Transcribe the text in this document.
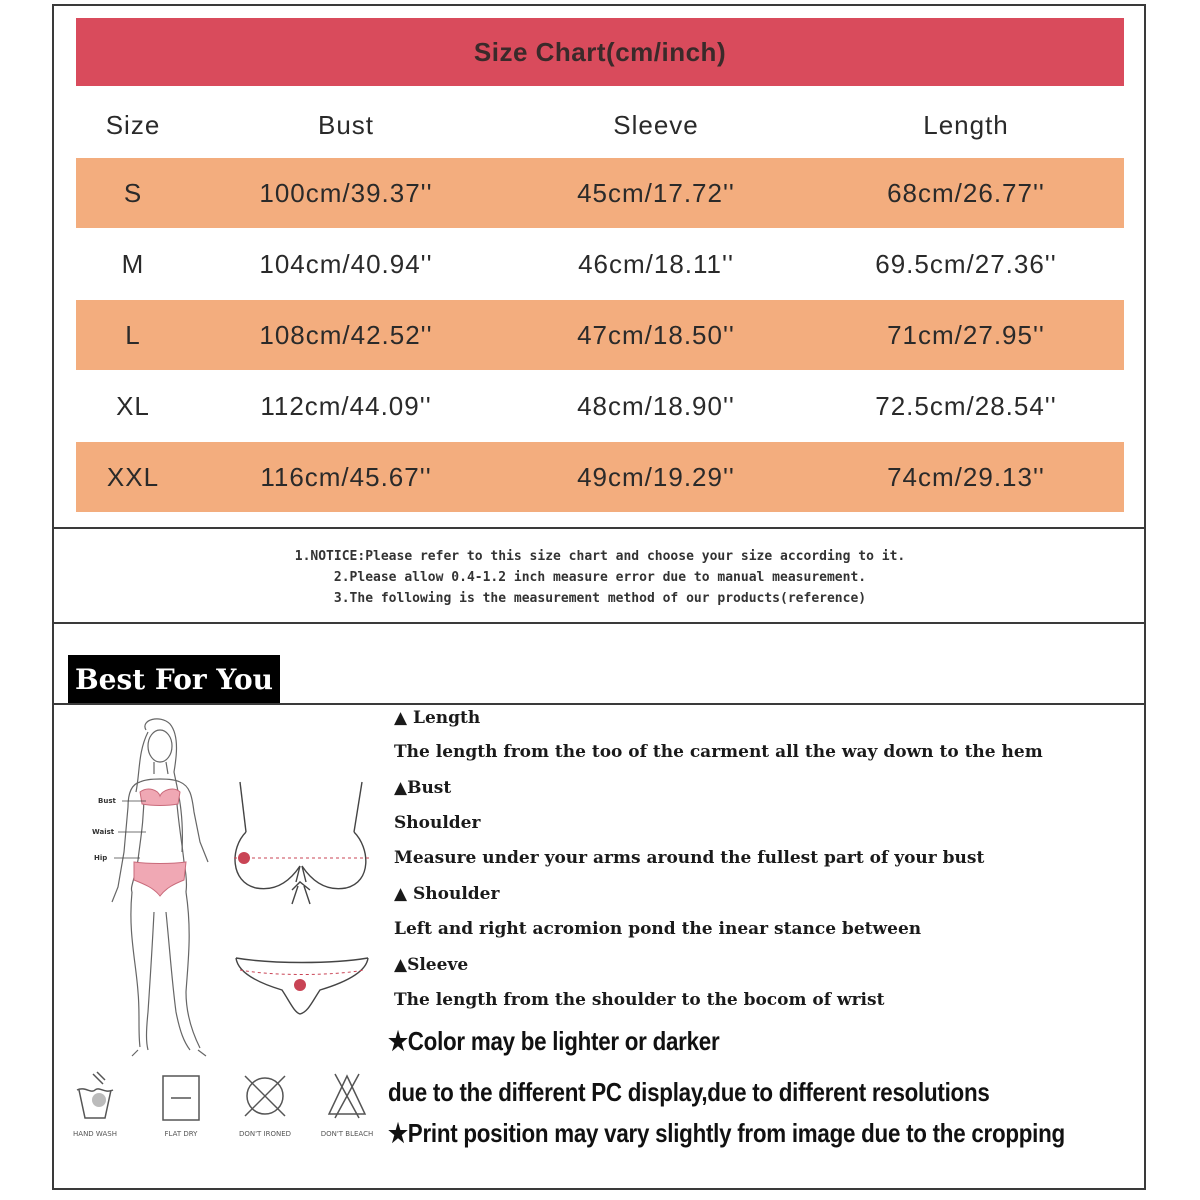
Size Chart(cm/inch)
Size	Bust	Sleeve	Length
S	100cm/39.37''	45cm/17.72''	68cm/26.77''
M	104cm/40.94''	46cm/18.11''	69.5cm/27.36''
L	108cm/42.52''	47cm/18.50''	71cm/27.95''
XL	112cm/44.09''	48cm/18.90''	72.5cm/28.54''
XXL	116cm/45.67''	49cm/19.29''	74cm/29.13''
1.NOTICE:Please refer to this size chart and choose your size according to it.
2.Please allow 0.4-1.2 inch measure error due to manual measurement.
3.The following is the measurement method of our products(reference)
Best For You
Bust
Waist
Hip
▲ Length
The length from the too of the carment all the way down to the hem
▲Bust
Shoulder
Measure under your arms around the fullest part of your bust
▲ Shoulder
Left and right acromion pond the inear stance between
▲Sleeve
The length from the shoulder to the bocom of wrist
★Color may be lighter or darker
due to the different PC display,due to different resolutions
★Print position may vary slightly from image due to the cropping
HAND WASH	FLAT DRY	DON'T IRONED	DON'T BLEACH
